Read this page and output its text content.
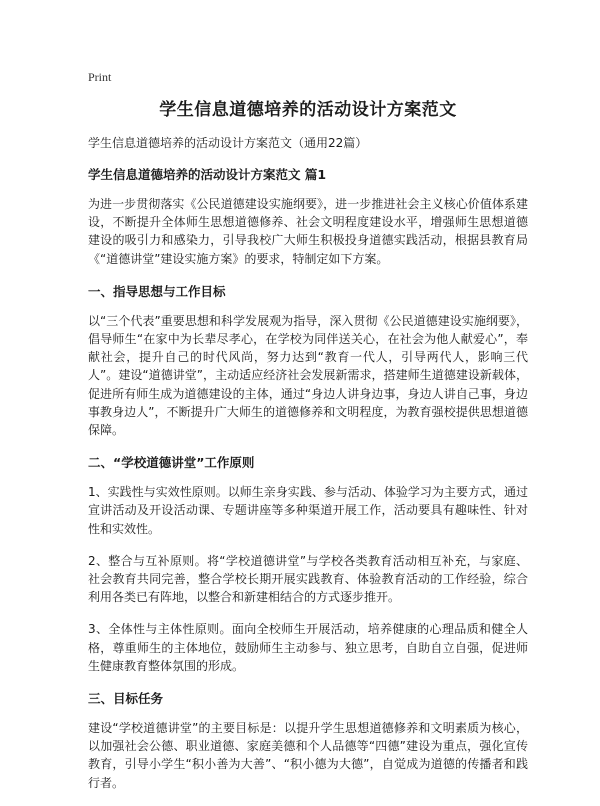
Print
学生信息道德培养的活动设计方案范文
学生信息道德培养的活动设计方案范文（通用22篇）
学生信息道德培养的活动设计方案范文 篇1

为进一步贯彻落实《公民道德建设实施纲要》，进一步推进社会主义核心价值体系建设，不断提升全体师生思想道德修养、社会文明程度建设水平，增强师生思想道德建设的吸引力和感染力，引导我校广大师生积极投身道德实践活动，根据县教育局《“道德讲堂”建设实施方案》的要求，特制定如下方案。

一、指导思想与工作目标

以“三个代表”重要思想和科学发展观为指导，深入贯彻《公民道德建设实施纲要》，倡导师生“在家中为长辈尽孝心，在学校为同伴送关心，在社会为他人献爱心”，奉献社会，提升自己的时代风尚，努力达到“教育一代人，引导两代人，影响三代人”。建设“道德讲堂”，主动适应经济社会发展新需求，搭建师生道德建设新载体，促进所有师生成为道德建设的主体，通过“身边人讲身边事，身边人讲自己事，身边事教身边人”，不断提升广大师生的道德修养和文明程度，为教育强校提供思想道德保障。

二、“学校道德讲堂”工作原则

1、实践性与实效性原则。以师生亲身实践、参与活动、体验学习为主要方式，通过宣讲活动及开设活动课、专题讲座等多种渠道开展工作，活动要具有趣味性、针对性和实效性。

2、整合与互补原则。将“学校道德讲堂”与学校各类教育活动相互补充，与家庭、社会教育共同完善，整合学校长期开展实践教育、体验教育活动的工作经验，综合利用各类已有阵地，以整合和新建相结合的方式逐步推开。

3、全体性与主体性原则。面向全校师生开展活动，培养健康的心理品质和健全人格，尊重师生的主体地位，鼓励师生主动参与、独立思考，自助自立自强，促进师生健康教育整体氛围的形成。

三、目标任务

建设“学校道德讲堂”的主要目标是：以提升学生思想道德修养和文明素质为核心，以加强社会公德、职业道德、家庭美德和个人品德等“四德”建设为重点，强化宣传教育，引导小学生“积小善为大善”、“积小德为大德”，自觉成为道德的传播者和践行者。
